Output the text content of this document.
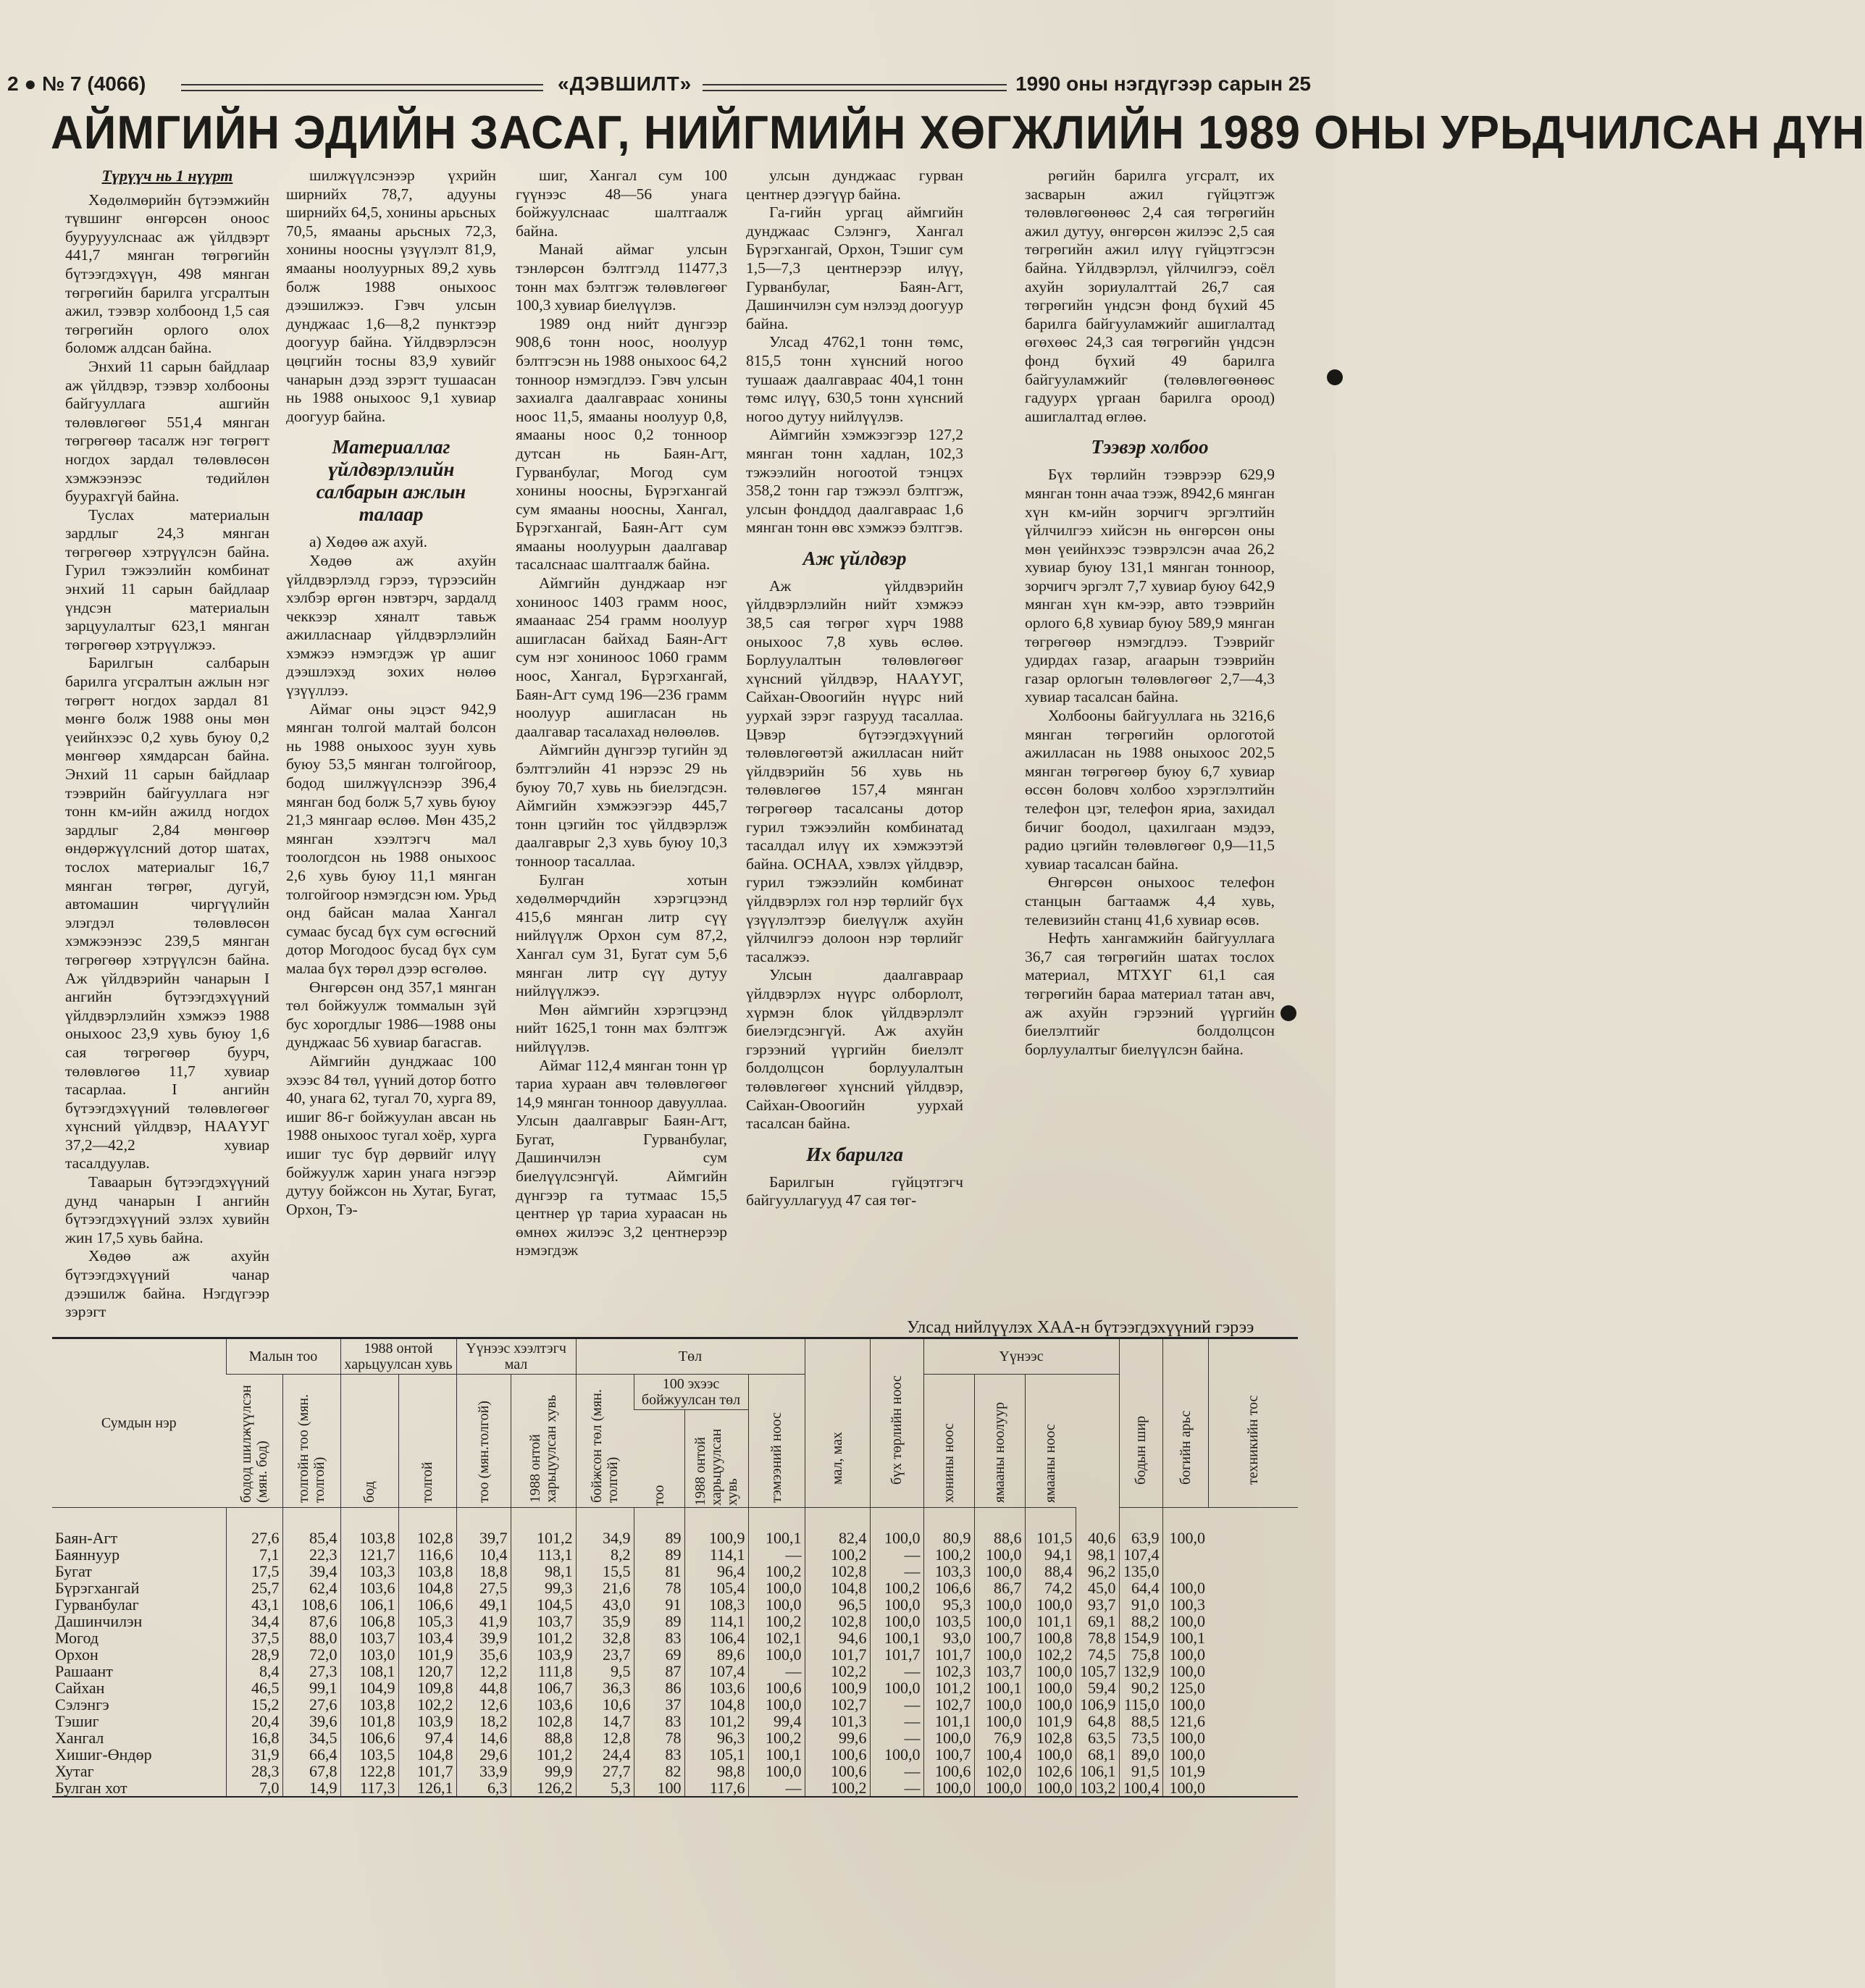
2 ● № 7 (4066)	«ДЭВШИЛТ»	1990 оны нэгдүгээр сарын 25
АЙМГИЙН ЭДИЙН ЗАСАГ, НИЙГМИЙН ХӨГЖЛИЙН 1989 ОНЫ УРЬДЧИЛСАН ДҮН

Түрүүч нь 1 нүүрт

Хөдөлмөрийн бүтээмжийн түвшинг өнгөрсөн оноос буурууулснаас аж үйлдвэрт 441,7 мянган төгрөгийн бүтээгдэхүүн, 498 мянган төгрөгийн барилга угсралтын ажил, тээвэр холбоонд 1,5 сая төгрөгийн орлого олох боломж алдсан байна.

Энхий 11 сарын байдлаар аж үйлдвэр, тээвэр холбооны байгууллага ашгийн төлөвлөгөөг 551,4 мянган төгрөгөөр тасалж нэг төгрөгт ногдох зардал төлөвлөсөн хэмжээнээс төдийлөн буурахгүй байна.

Туслах материалын зардлыг 24,3 мянган төгрөгөөр хэтрүүлсэн байна. Гурил тэжээлийн комбинат энхий 11 сарын байдлаар үндсэн материалын зарцуулалтыг 623,1 мянган төгрөгөөр хэтрүүлжээ.

Барилгын салбарын барилга угсралтын ажлын нэг төгрөгт ногдох зардал 81 мөнгө болж 1988 оны мөн үеийнхээс 0,2 хувь буюу 0,2 мөнгөөр хямдарсан байна. Энхий 11 сарын байдлаар тээврийн байгууллага нэг тонн км-ийн ажилд ногдох зардлыг 2,84 мөнгөөр өндөржүүлсний дотор шатах, тослох материалыг 16,7 мянган төгрөг, дугуй, автомашин чиргүүлийн элэгдэл төлөвлөсөн хэмжээнээс 239,5 мянган төгрөгөөр хэтрүүлсэн байна. Аж үйлдвэрийн чанарын I ангийн бүтээгдэхүүний үйлдвэрлэлийн хэмжээ 1988 оныхоос 23,9 хувь буюу 1,6 сая төгрөгөөр буурч, төлөвлөгөө 11,7 хувиар тасарлаа. I ангийн бүтээгдэхүүний төлөвлөгөөг хүнсний үйлдвэр, НААҮУГ 37,2—42,2 хувиар тасалдуулав.

Таваарын бүтээгдэхүүний дунд чанарын I ангийн бүтээгдэхүүний эзлэх хувийн жин 17,5 хувь байна.

Хөдөө аж ахуйн бүтээгдэхүүний чанар дээшилж байна. Нэгдүгээр зэрэгт

шилжүүлсэнээр үхрийн ширнийх 78,7, адууны ширнийх 64,5, хонины арьсных 70,5, ямааны арьсных 72,3, хонины ноосны үзүүлэлт 81,9, ямааны ноолуурных 89,2 хувь болж 1988 оныхоос дээшилжээ. Гэвч улсын дунджаас 1,6—8,2 пунктээр доогуур байна. Үйлдвэрлэсэн цөцгийн тосны 83,9 хувийг чанарын дээд зэрэгт тушаасан нь 1988 оныхоос 9,1 хувиар доогуур байна.

Материаллаг үйлдвэрлэлийн салбарын ажлын талаар

а) Хөдөө аж ахуй.

Хөдөө аж ахуйн үйлдвэрлэлд гэрээ, түрээсийн хэлбэр өргөн нэвтэрч, зардалд чеккээр хяналт тавьж ажиллаcнаар үйлдвэрлэлийн хэмжээ нэмэгдэж үр ашиг дээшлэхэд зохих нөлөө үзүүллээ.

Аймаг оны эцэст 942,9 мянган толгой малтай болсон нь 1988 оныхоос зуун хувь буюу 53,5 мянган толгойгоор, бодод шилжүүлснээр 396,4 мянган бод болж 5,7 хувь буюу 21,3 мянгаар өслөө. Мөн 435,2 мянган хээлтэгч мал тоологдсон нь 1988 оныхоос 2,6 хувь буюу 11,1 мянган толгойгоор нэмэгдсэн юм. Урьд онд байсан малаа Хангал сумаас бусад бүх сум өсгөсний дотор Могодоос бусад бүх сум малаа бүх төрөл дээр өсгөлөө.

Өнгөрсөн онд 357,1 мянган төл бойжуулж томмалын зүй бус хорогдлыг 1986—1988 оны дунджаас 56 хувиар багасгав.

Аймгийн дунджаас 100 эхээс 84 төл, үүний дотор ботго 40, унага 62, тугал 70, хурга 89, ишиг 86-г бойжуулан авсан нь 1988 оныхоос тугал хоёр, хурга ишиг тус бүр дөрвийг илүү бойжуулж харин унага нэгээр дутуу бойжсон нь Хутаг, Бугат, Орхон, Тэ-

шиг, Хангал сум 100 гүүнээс 48—56 унага бойжуулснаас шалтгаалж байна.

Манай аймаг улсын тэнлөрсөн бэлтгэлд 11477,3 тонн мах бэлтгэж төлөвлөгөөг 100,3 хувиар биелүүлэв.

1989 онд нийт дүнгээр 908,6 тонн ноос, ноолуур бэлтгэсэн нь 1988 оныхоос 64,2 тонноор нэмэгдлээ. Гэвч улсын захиалга даалгавраас хонины ноос 11,5, ямааны ноолуур 0,8, ямааны ноос 0,2 тонноор дутсан нь Баян-Агт, Гурванбулаг, Могод сум хонины ноосны, Бүрэгхангай сум ямааны ноосны, Хангал, Бүрэгхангай, Баян-Агт сум ямааны ноолуурын даалгавар тасалснаас шалтгаалж байна.

Аймгийн дунджаар нэг хониноос 1403 грамм ноос, ямаанаас 254 грамм ноолуур ашигласан байхад Баян-Агт сум нэг хониноос 1060 грамм ноос, Хангал, Бүрэгхангай, Баян-Агт сумд 196—236 грамм ноолуур ашигласан нь даалгавар тасалахад нөлөөлөв.

Аймгийн дүнгээр тугийн эд бэлтгэлийн 41 нэрээс 29 нь буюу 70,7 хувь нь биелэгдсэн. Аймгийн хэмжээгээр 445,7 тонн цэгийн тос үйлдвэрлэж даалгаврыг 2,3 хувь буюу 10,3 тонноор тасаллаа.

Булган хотын хөдөлмөрчдийн хэрэгцээнд 415,6 мянган литр сүү нийлүүлж Орхон сум 87,2, Хангал сум 31, Бугат сум 5,6 мянган литр сүү дутуу нийлүүлжээ.

Мөн аймгийн хэрэгцээнд нийт 1625,1 тонн мах бэлтгэж нийлүүлэв.

Аймаг 112,4 мянган тонн үр тариа хураан авч төлөвлөгөөг 14,9 мянган тонноор давууллаа. Улсын даалгаврыг Баян-Агт, Бугат, Гурванбулаг, Дашинчилэн сум биелүүлсэнгүй. Аймгийн дүнгээр га тутмаас 15,5 центнер үр тариа хураасан нь өмнөх жилээс 3,2 центнерээр нэмэгдэж

улсын дунджаас гурван центнер дээгүүр байна.

Га-гийн ургац аймгийн дунджаас Сэлэнгэ, Хангал Бүрэгхангай, Орхон, Тэшиг сум 1,5—7,3 центнерээр илүү, Гурванбулаг, Баян-Агт, Дашинчилэн сум нэлээд доогуур байна.

Улсад 4762,1 тонн төмс, 815,5 тонн хүнсний ногоо тушааж даалгавраас 404,1 тонн төмс илүү, 630,5 тонн хүнсний ногоо дутуу нийлүүлэв.

Аймгийн хэмжээгээр 127,2 мянган тонн хадлан, 102,3 тэжээлийн ногоотой тэнцэх 358,2 тонн гар тэжээл бэлтгэж, улсын фонддод даалгавраас 1,6 мянган тонн өвс хэмжээ бэлтгэв.

Аж үйлдвэр

Аж үйлдвэрийн үйлдвэрлэлийн нийт хэмжээ 38,5 сая төгрөг хүрч 1988 оныхоос 7,8 хувь өслөө. Борлуулалтын төлөвлөгөөг хүнсний үйлдвэр, НААҮУГ, Сайхан-Овоогийн нүүрс ний уурхай зэрэг газрууд тасаллаа. Цэвэр бүтээгдэхүүний төлөвлөгөөтэй ажилласан нийт үйлдвэрийн 56 хувь нь төлөвлөгөө 157,4 мянган төгрөгөөр тасалсаны дотор гурил тэжээлийн комбинатад тасалдал илүү их хэмжээтэй байна. ОСНАА, хэвлэх үйлдвэр, гурил тэжээлийн комбинат үйлдвэрлэх гол нэр төрлийг бүх үзүүлэлтээр биелүүлж ахуйн үйлчилгээ долоон нэр төрлийг тасалжээ.

Улсын даалгавраар үйлдвэрлэх нүүрс олборлолт, хүрмэн блок үйлдвэрлэлт биелэгдсэнгүй. Аж ахуйн гэрээний үүргийн биелэлт болдолцсон борлуулалтын төлөвлөгөөг хүнсний үйлдвэр, Сайхан-Овоогийн уурхай тасалсан байна.

Их барилга

Барилгын гүйцэтгэгч байгууллагууд 47 сая төг-

рөгийн барилга угсралт, их засварын ажил гүйцэтгэж төлөвлөгөөнөөс 2,4 сая төгрөгийн ажил дутуу, өнгөрсөн жилээс 2,5 сая төгрөгийн ажил илүү гүйцэтгэсэн байна. Үйлдвэрлэл, үйлчилгээ, соёл ахуйн зориулалттай 26,7 сая төгрөгийн үндсэн фонд бүхий 45 барилга байгууламжийг ашиглалтад өгөхөөс 24,3 сая төгрөгийн үндсэн фонд бүхий 49 барилга байгууламжийг (төлөвлөгөөнөөс гадуурх үргаан барилга ороод) ашиглалтад өглөө.

Тээвэр холбоо

Бүх төрлийн тээврээр 629,9 мянган тонн ачаа тээж, 8942,6 мянган хүн км-ийн зорчигч эргэлтийн үйлчилгээ хийсэн нь өнгөрсөн оны мөн үеийнхээс тээврэлсэн ачаа 26,2 хувиар буюу 131,1 мянган тонноор, зорчигч эргэлт 7,7 хувиар буюу 642,9 мянган хүн км-ээр, авто тээврийн орлого 6,8 хувиар буюу 589,9 мянган төгрөгөөр нэмэгдлээ. Тээврийг удирдах газар, агаарын тээврийн газар орлогын төлөвлөгөөг 2,7—4,3 хувиар тасалсан байна.

Холбооны байгууллага нь 3216,6 мянган төгрөгийн орлоготой ажилласан нь 1988 оныхоос 202,5 мянган төгрөгөөр буюу 6,7 хувиар өссөн боловч холбоо хэрэглэлтийн телефон цэг, телефон яриа, захидал бичиг боодол, цахилгаан мэдээ, радио цэгийн төлөвлөгөөг 0,9—11,5 хувиар тасалсан байна.

Өнгөрсөн оныхоос телефон станцын багтаамж 4,4 хувь, телевизийн станц 41,6 хувиар өсөв.

Нефть хангамжийн байгууллага 36,7 сая төгрөгийн шатах тослох материал, МТХҮГ 61,1 сая төгрөгийн бараа материал татан авч, аж ахуйн гэрээний үүргийн биелэлтийг болдолцсон борлуулалтыг биелүүлсэн байна.

Улсад нийлүүлэх ХАА-н бүтээгдэхүүний гэрээ
Сумдын нэр	Малын тоо		1988 онтой харьцуулсан хувь		Үүнээс хээлтэгч мал		Төл				мал, мах	бүх төрлийн ноос	Үүнээс				бодын шир	богийн арьс	техникийн тос

	бодод шилжүүлсэн (мян. бод)	толгойн тоо (мян. толгой)	бод	толгой	тоо (мян.толгой)	1988 онтой харьцуулсан хувь	бойжсон төл (мян. толгой)	100 эхээс бойжуулсан төл		тэмээний ноос			хонины ноос	ямааны ноолуур	ямааны ноос				

								тоо	1988 онтой харьцуулсан хувь										

Баян-Агт	27,6	85,4	103,8	102,8	39,7	101,2	34,9	89	100,9	100,1	82,4	100,0	80,9	88,6	101,5	40,6	63,9	100,0	
Баяннуур	7,1	22,3	121,7	116,6	10,4	113,1	8,2	89	114,1	—	100,2	—	100,2	100,0	94,1	98,1	107,4		
Бугат	17,5	39,4	103,3	103,8	18,8	98,1	15,5	81	96,4	100,2	102,8	—	103,3	100,0	88,4	96,2	135,0		
Бүрэгхангай	25,7	62,4	103,6	104,8	27,5	99,3	21,6	78	105,4	100,0	104,8	100,2	106,6	86,7	74,2	45,0	64,4	100,0	
Гурванбулаг	43,1	108,6	106,1	106,6	49,1	104,5	43,0	91	108,3	100,0	96,5	100,0	95,3	100,0	100,0	93,7	91,0	100,3	
Дашинчилэн	34,4	87,6	106,8	105,3	41,9	103,7	35,9	89	114,1	100,2	102,8	100,0	103,5	100,0	101,1	69,1	88,2	100,0	
Могод	37,5	88,0	103,7	103,4	39,9	101,2	32,8	83	106,4	102,1	94,6	100,1	93,0	100,7	100,8	78,8	154,9	100,1	
Орхон	28,9	72,0	103,0	101,9	35,6	103,9	23,7	69	89,6	100,0	101,7	101,7	101,7	100,0	102,2	74,5	75,8	100,0	
Рашаант	8,4	27,3	108,1	120,7	12,2	111,8	9,5	87	107,4	—	102,2	—	102,3	103,7	100,0	105,7	132,9	100,0	
Сайхан	46,5	99,1	104,9	109,8	44,8	106,7	36,3	86	103,6	100,6	100,9	100,0	101,2	100,1	100,0	59,4	90,2	125,0	
Сэлэнгэ	15,2	27,6	103,8	102,2	12,6	103,6	10,6	37	104,8	100,0	102,7	—	102,7	100,0	100,0	106,9	115,0	100,0	
Тэшиг	20,4	39,6	101,8	103,9	18,2	102,8	14,7	83	101,2	99,4	101,3	—	101,1	100,0	101,9	64,8	88,5	121,6	
Хангал	16,8	34,5	106,6	97,4	14,6	88,8	12,8	78	96,3	100,2	99,6	—	100,0	76,9	102,8	63,5	73,5	100,0	
Хишиг-Өндөр	31,9	66,4	103,5	104,8	29,6	101,2	24,4	83	105,1	100,1	100,6	100,0	100,7	100,4	100,0	68,1	89,0	100,0	
Хутаг	28,3	67,8	122,8	101,7	33,9	99,9	27,7	82	98,8	100,0	100,6	—	100,6	102,0	102,6	106,1	91,5	101,9	
Булган хот	7,0	14,9	117,3	126,1	6,3	126,2	5,3	100	117,6	—	100,2	—	100,0	100,0	100,0	103,2	100,4	100,0	
